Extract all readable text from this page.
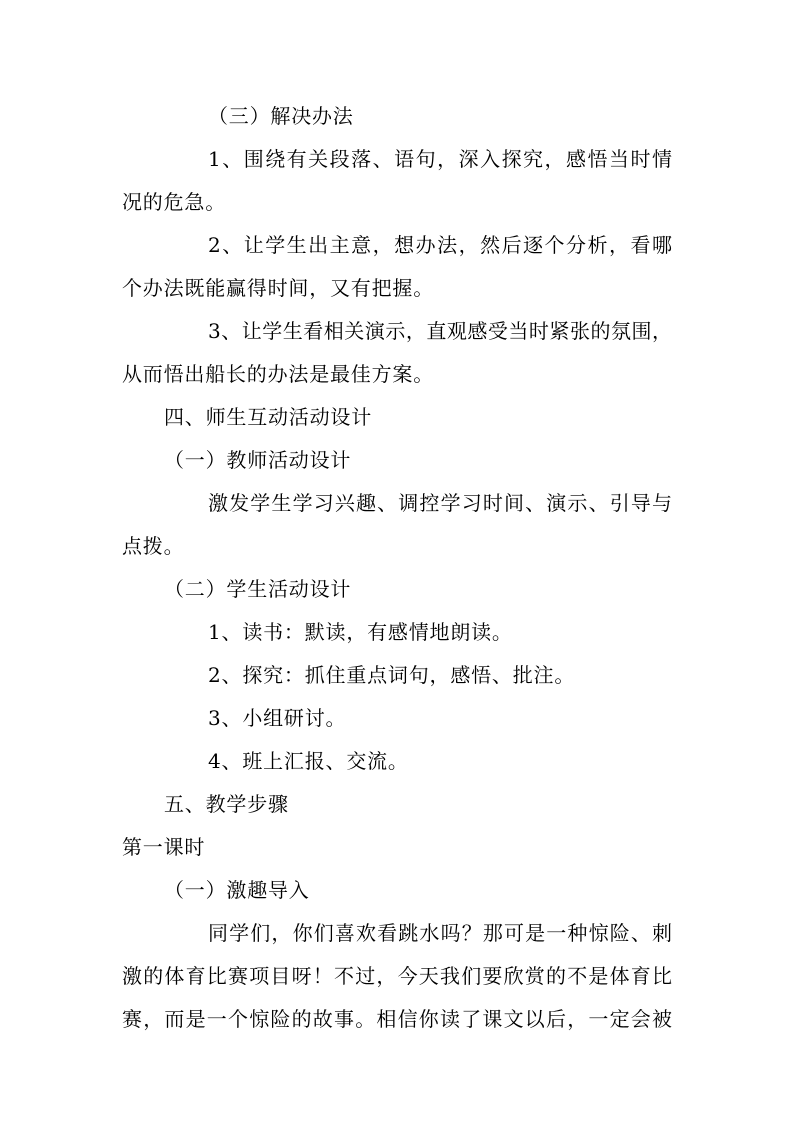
（三）解决办法
1、围绕有关段落、语句，深入探究，感悟当时情
况的危急。
2、让学生出主意，想办法，然后逐个分析，看哪
个办法既能赢得时间，又有把握。
3、让学生看相关演示，直观感受当时紧张的氛围，
从而悟出船长的办法是最佳方案。
四、师生互动活动设计
（一）教师活动设计
激发学生学习兴趣、调控学习时间、演示、引导与
点拨。
（二）学生活动设计
1、读书：默读，有感情地朗读。
2、探究：抓住重点词句，感悟、批注。
3、小组研讨。
4、班上汇报、交流。
五、教学步骤
第一课时
（一）激趣导入
同学们，你们喜欢看跳水吗？那可是一种惊险、刺
激的体育比赛项目呀！不过，今天我们要欣赏的不是体育比
赛，而是一个惊险的故事。相信你读了课文以后，一定会被
